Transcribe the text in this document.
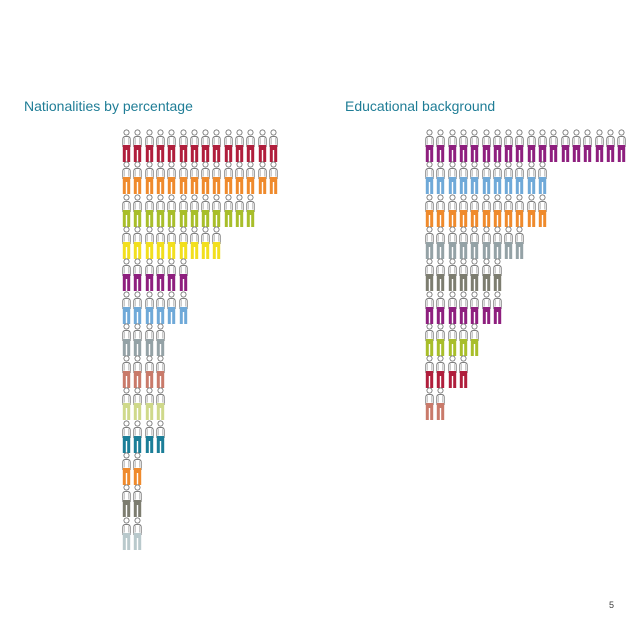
Nationalities by percentage	Educational background
5
